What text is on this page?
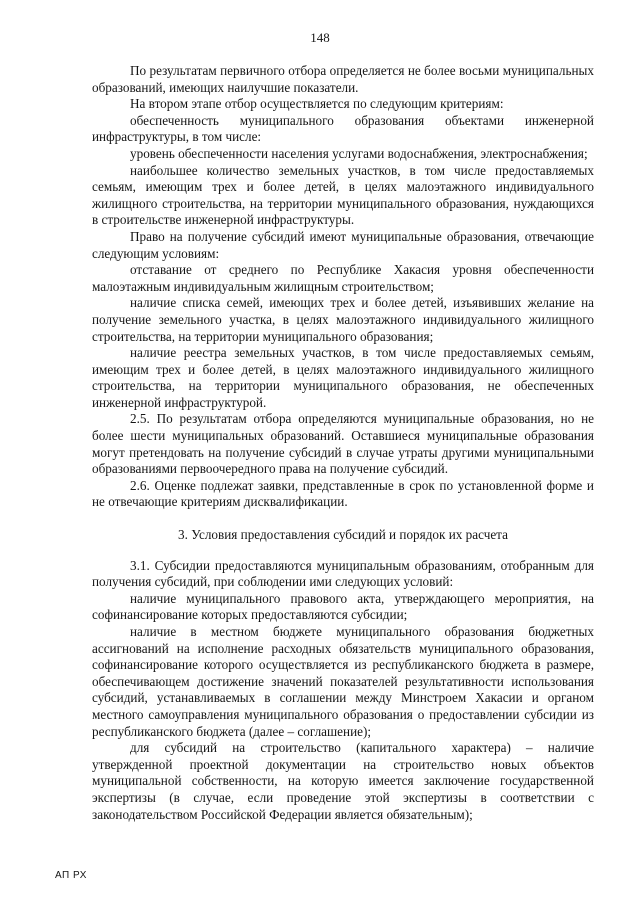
148

По результатам первичного отбора определяется не более восьми муниципальных образований, имеющих наилучшие показатели.

На втором этапе отбор осуществляется по следующим критериям:

обеспеченность муниципального образования объектами инженерной инфраструктуры, в том числе:

уровень обеспеченности населения услугами водоснабжения, электроснабжения;

наибольшее количество земельных участков, в том числе предоставляемых семьям, имеющим трех и более детей, в целях малоэтажного индивидуального жилищного строительства, на территории муниципального образования, нуждающихся в строительстве инженерной инфраструктуры.

Право на получение субсидий имеют муниципальные образования, отвечающие следующим условиям:

отставание от среднего по Республике Хакасия уровня обеспеченности малоэтажным индивидуальным жилищным строительством;

наличие списка семей, имеющих трех и более детей, изъявивших желание на получение земельного участка, в целях малоэтажного индивидуального жилищного строительства, на территории муниципального образования;

наличие реестра земельных участков, в том числе предоставляемых семьям, имеющим трех и более детей, в целях малоэтажного индивидуального жилищного строительства, на территории муниципального образования, не обеспеченных инженерной инфраструктурой.

2.5. По результатам отбора определяются муниципальные образования, но не более шести муниципальных образований. Оставшиеся муниципальные образования могут претендовать на получение субсидий в случае утраты другими муниципальными образованиями первоочередного права на получение субсидий.

2.6. Оценке подлежат заявки, представленные в срок по установленной форме и не отвечающие критериям дисквалификации.

3. Условия предоставления субсидий и порядок их расчета

3.1. Субсидии предоставляются муниципальным образованиям, отобранным для получения субсидий, при соблюдении ими следующих условий:

наличие муниципального правового акта, утверждающего мероприятия, на софинансирование которых предоставляются субсидии;

наличие в местном бюджете муниципального образования бюджетных ассигнований на исполнение расходных обязательств муниципального образования, софинансирование которого осуществляется из республиканского бюджета в размере, обеспечивающем достижение значений показателей результативности использования субсидий, устанавливаемых в соглашении между Минстроем Хакасии и органом местного самоуправления муниципального образования о предоставлении субсидии из республиканского бюджета (далее – соглашение);

для субсидий на строительство (капитального характера) – наличие утвержденной проектной документации на строительство новых объектов муниципальной собственности, на которую имеется заключение государственной экспертизы (в случае, если проведение этой экспертизы в соответствии с законодательством Российской Федерации является обязательным);

АП РХ
